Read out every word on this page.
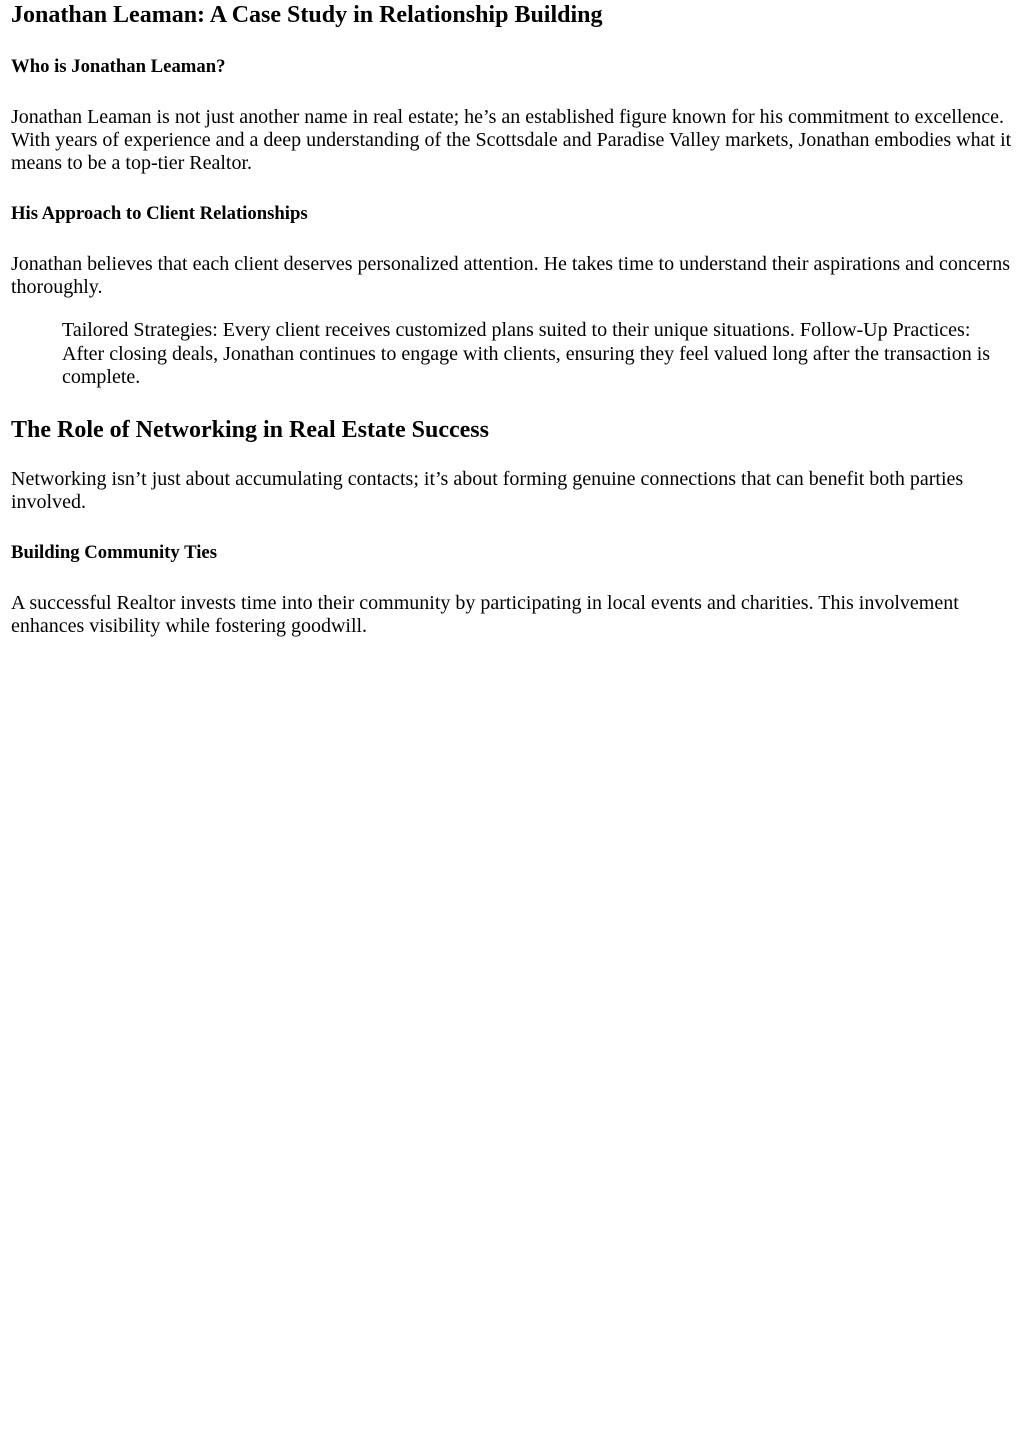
Jonathan Leaman: A Case Study in Relationship Building
Who is Jonathan Leaman?

Jonathan Leaman is not just another name in real estate; he’s an established figure known for his commitment to excellence. With years of experience and a deep understanding of the Scottsdale and Paradise Valley markets, Jonathan embodies what it means to be a top-tier Realtor.

His Approach to Client Relationships

Jonathan believes that each client deserves personalized attention. He takes time to understand their aspirations and concerns thoroughly.

Tailored Strategies: Every client receives customized plans suited to their unique situations. Follow-Up Practices: After closing deals, Jonathan continues to engage with clients, ensuring they feel valued long after the transaction is complete.
The Role of Networking in Real Estate Success

Networking isn’t just about accumulating contacts; it’s about forming genuine connections that can benefit both parties involved.

Building Community Ties

A successful Realtor invests time into their community by participating in local events and charities. This involvement enhances visibility while fostering goodwill.
